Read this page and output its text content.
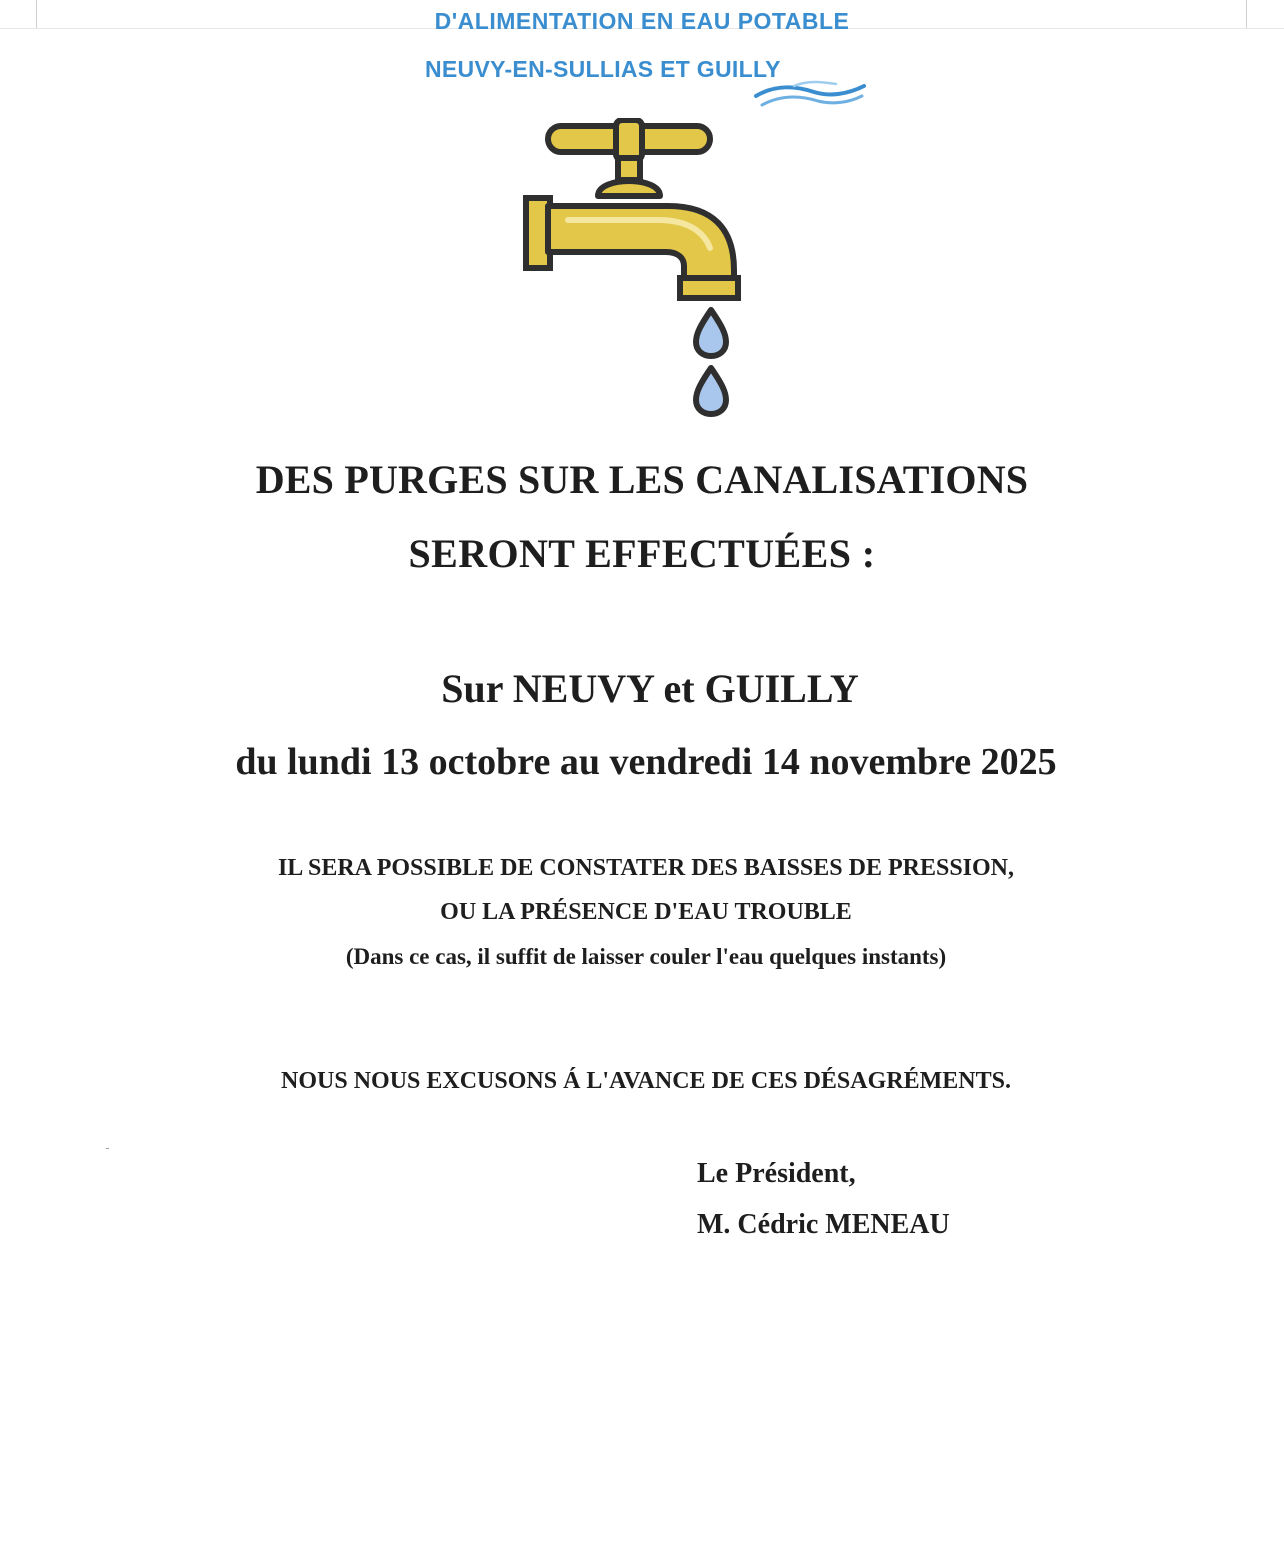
D'ALIMENTATION EN EAU POTABLE
NEUVY-EN-SULLIAS ET GUILLY
DES PURGES SUR LES CANALISATIONS
SERONT EFFECTUÉES :
Sur NEUVY et GUILLY
du lundi 13 octobre au vendredi 14 novembre 2025
IL SERA POSSIBLE DE CONSTATER DES BAISSES DE PRESSION,
OU LA PRÉSENCE D'EAU TROUBLE
(Dans ce cas, il suffit de laisser couler l'eau quelques instants)
NOUS NOUS EXCUSONS Á L'AVANCE DE CES DÉSAGRÉMENTS.
Le Président,
M. Cédric MENEAU
